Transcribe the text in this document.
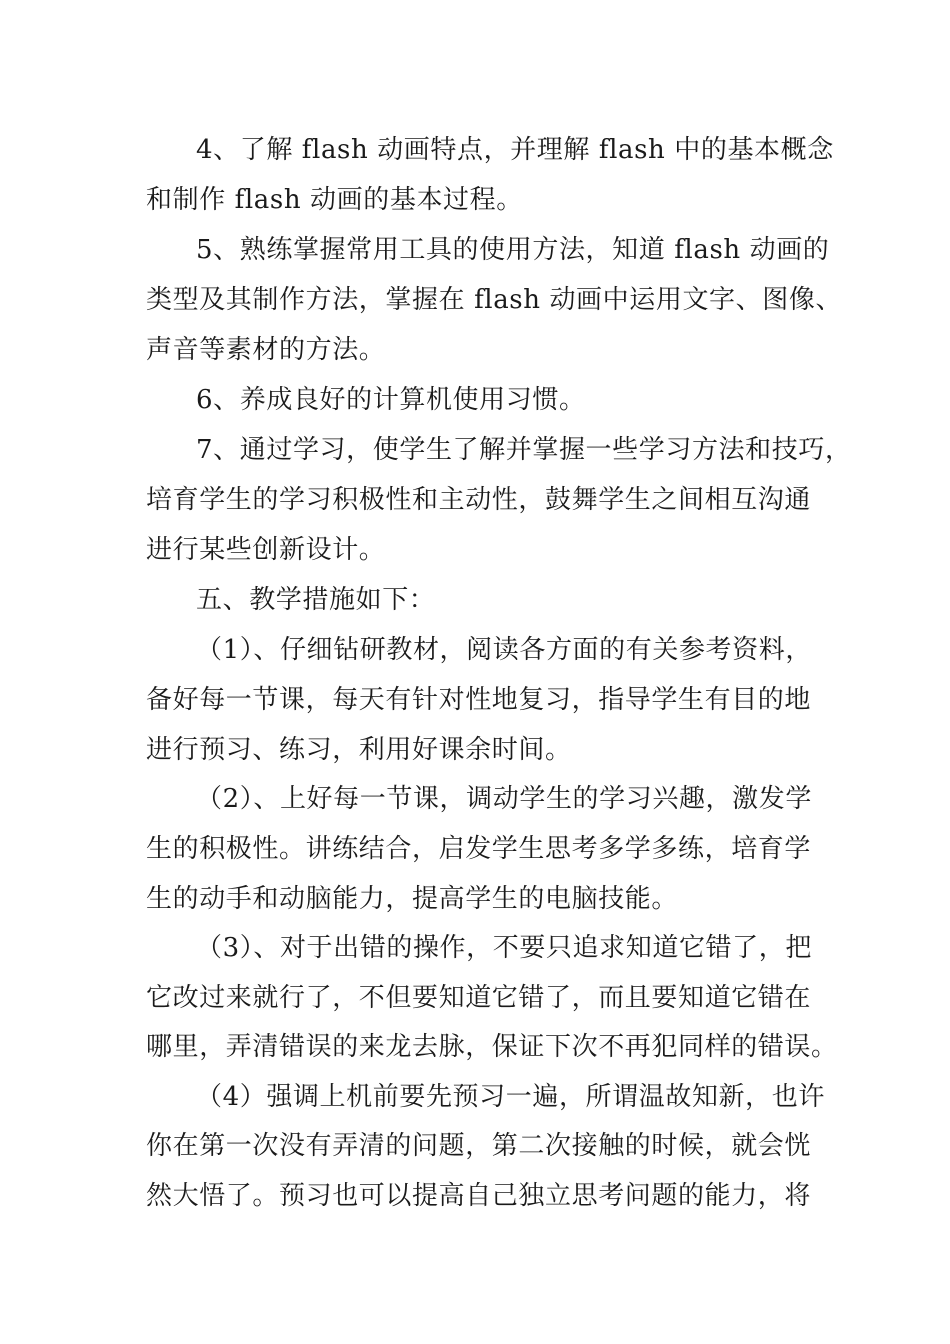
4、了解 flash 动画特点，并理解 flash 中的基本概念
和制作 flash 动画的基本过程。
5、熟练掌握常用工具的使用方法，知道 flash 动画的
类型及其制作方法，掌握在 flash 动画中运用文字、图像、
声音等素材的方法。
6、养成良好的计算机使用习惯。
7、通过学习，使学生了解并掌握一些学习方法和技巧，
培育学生的学习积极性和主动性，鼓舞学生之间相互沟通
进行某些创新设计。
五、教学措施如下：
（1）、仔细钻研教材，阅读各方面的有关参考资料，
备好每一节课，每天有针对性地复习，指导学生有目的地
进行预习、练习，利用好课余时间。
（2）、上好每一节课，调动学生的学习兴趣，激发学
生的积极性。讲练结合，启发学生思考多学多练，培育学
生的动手和动脑能力，提高学生的电脑技能。
（3）、对于出错的操作，不要只追求知道它错了，把
它改过来就行了，不但要知道它错了，而且要知道它错在
哪里，弄清错误的来龙去脉，保证下次不再犯同样的错误。
（4）强调上机前要先预习一遍，所谓温故知新，也许
你在第一次没有弄清的问题，第二次接触的时候，就会恍
然大悟了。预习也可以提高自己独立思考问题的能力，将
